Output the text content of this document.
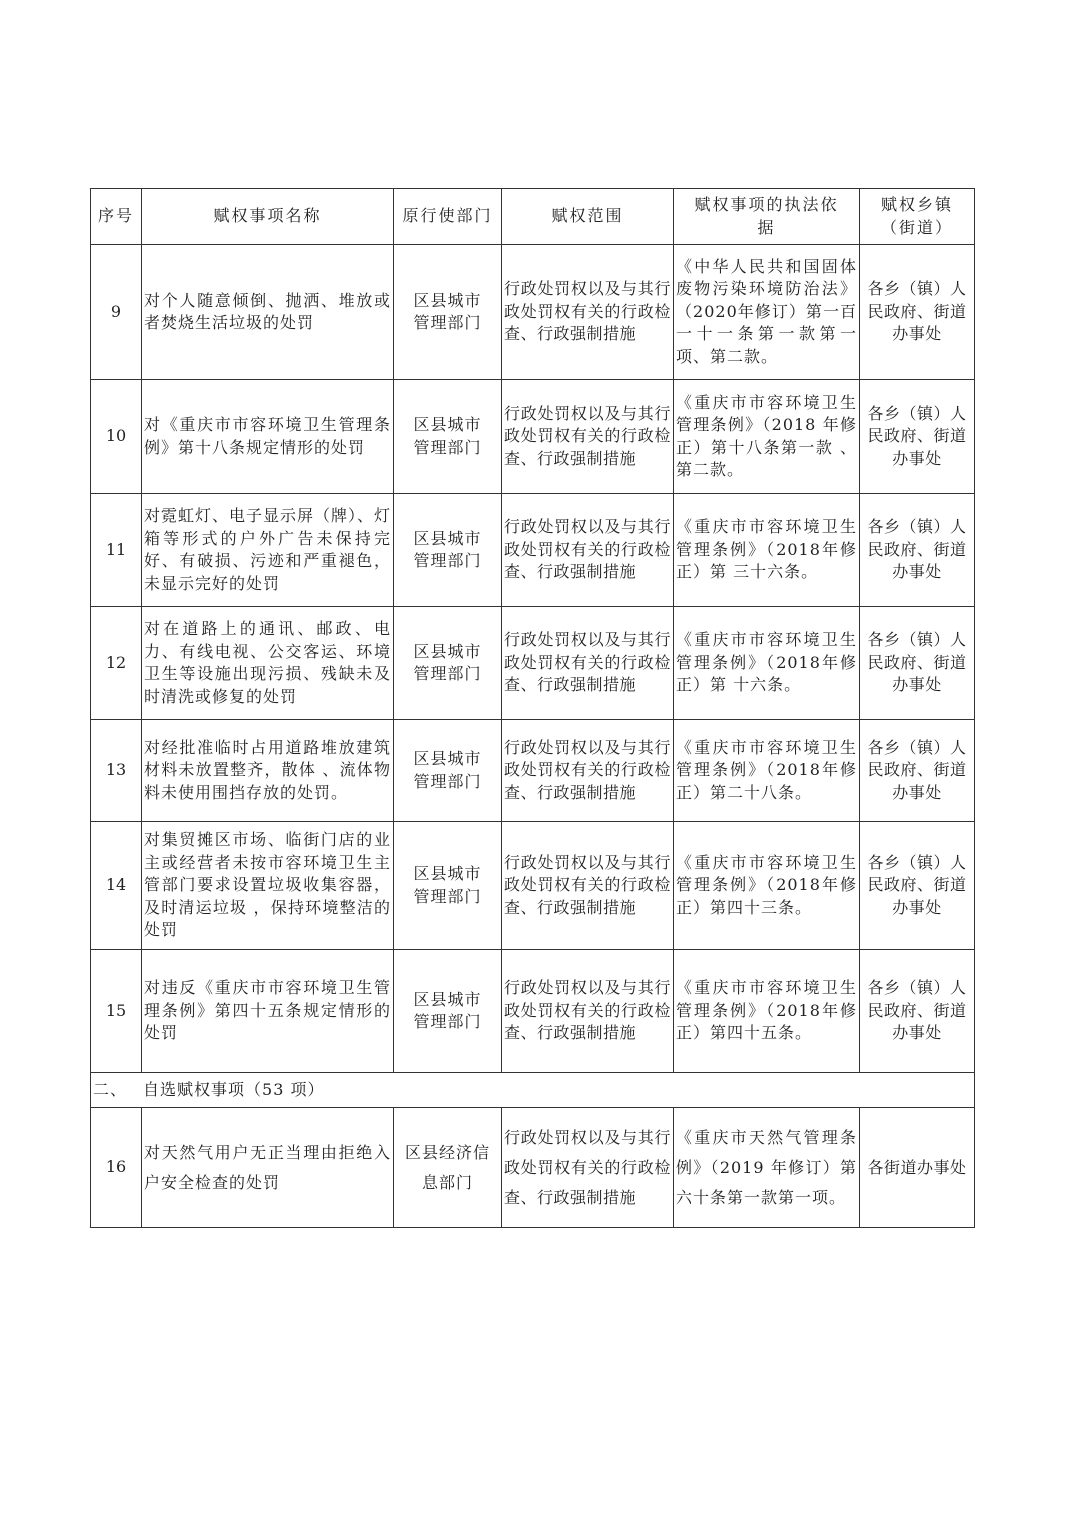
序号	赋权事项名称	原行使部门	赋权范围	赋权事项的执法依据	赋权乡镇（街道）
9	对个人随意倾倒、抛洒、堆放或者焚烧生活垃圾的处罚	区县城市管理部门	行政处罚权以及与其行政处罚权有关的行政检查、行政强制措施	《中华人民共和国固体废物污染环境防治法》（2020年修订）第一百一十一条第一款第一项、第二款。	各乡（镇）人民政府、街道办事处
10	对《重庆市市容环境卫生管理条例》第十八条规定情形的处罚	区县城市管理部门	行政处罚权以及与其行政处罚权有关的行政检查、行政强制措施	《重庆市市容环境卫生管理条例》（2018 年修正）第十八条第一款 、第二款。	各乡（镇）人民政府、街道办事处
11	对霓虹灯、电子显示屏（牌）、灯箱等形式的户外广告未保持完好、有破损、污迹和严重褪色，未显示完好的处罚	区县城市管理部门	行政处罚权以及与其行政处罚权有关的行政检查、行政强制措施	《重庆市市容环境卫生管理条例》（2018年修正）第 三十六条。	各乡（镇）人民政府、街道办事处
12	对在道路上的通讯、邮政、电力、有线电视、公交客运、环境卫生等设施出现污损、残缺未及时清洗或修复的处罚	区县城市管理部门	行政处罚权以及与其行政处罚权有关的行政检查、行政强制措施	《重庆市市容环境卫生管理条例》（2018年修正）第 十六条。	各乡（镇）人民政府、街道办事处
13	对经批准临时占用道路堆放建筑材料未放置整齐，散体 、流体物料未使用围挡存放的处罚。	区县城市管理部门	行政处罚权以及与其行政处罚权有关的行政检查、行政强制措施	《重庆市市容环境卫生管理条例》（2018年修正）第二十八条。	各乡（镇）人民政府、街道办事处
14	对集贸摊区市场、临街门店的业主或经营者未按市容环境卫生主管部门要求设置垃圾收集容器，及时清运垃圾 ，保持环境整洁的处罚	区县城市管理部门	行政处罚权以及与其行政处罚权有关的行政检查、行政强制措施	《重庆市市容环境卫生管理条例》（2018年修正）第四十三条。	各乡（镇）人民政府、街道办事处
15	对违反《重庆市市容环境卫生管理条例》第四十五条规定情形的处罚	区县城市管理部门	行政处罚权以及与其行政处罚权有关的行政检查、行政强制措施	《重庆市市容环境卫生管理条例》（2018年修正）第四十五条。	各乡（镇）人民政府、街道办事处
二、 自选赋权事项（53 项）					
16	对天然气用户无正当理由拒绝入户安全检查的处罚	区县经济信息部门	行政处罚权以及与其行政处罚权有关的行政检查、行政强制措施	《重庆市天然气管理条例》（2019 年修订）第六十条第一款第一项。	各街道办事处
